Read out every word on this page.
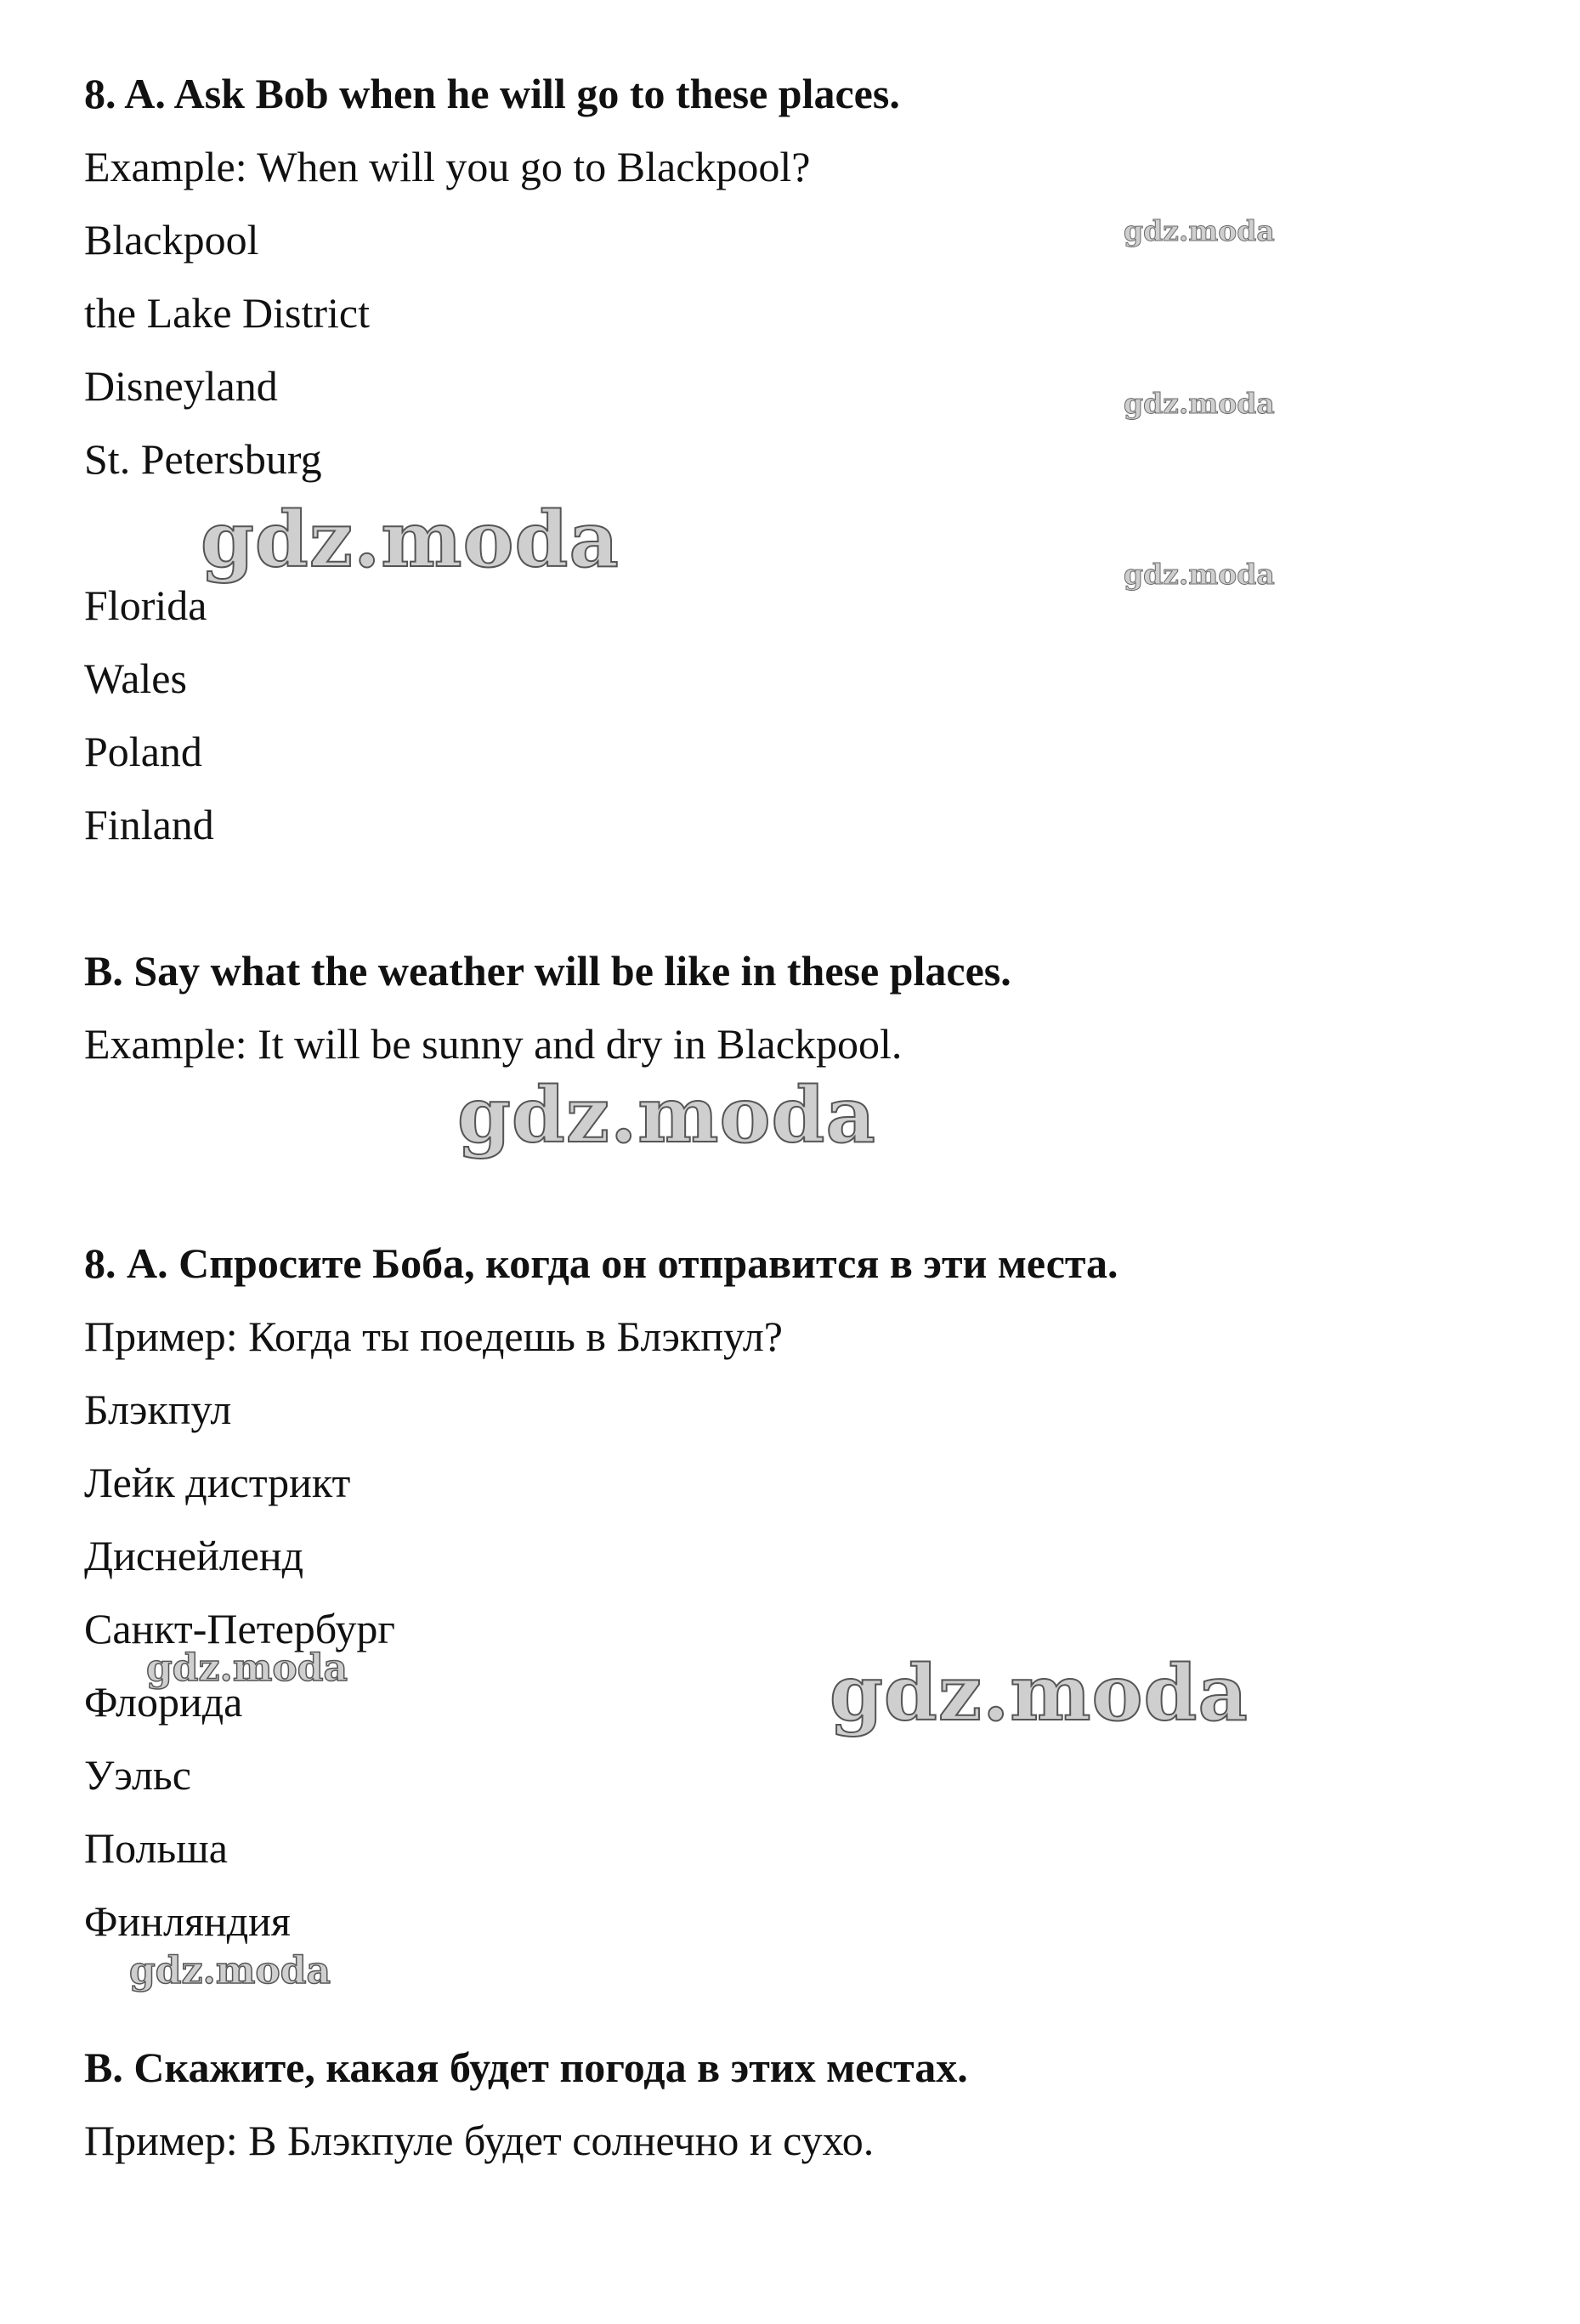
8. A. Ask Bob when he will go to these places.
Example: When will you go to Blackpool?
Blackpool
the Lake District
Disneyland
St. Petersburg
Florida
Wales
Poland
Finland
B. Say what the weather will be like in these places.
Example: It will be sunny and dry in Blackpool.
8. А. Спросите Боба, когда он отправится в эти места.
Пример: Когда ты поедешь в Блэкпул?
Блэкпул
Лейк дистрикт
Диснейленд
Санкт-Петербург
Флорида
Уэльс
Польша
Финляндия
В. Скажите, какая будет погода в этих местах.
Пример: В Блэкпуле будет солнечно и сухо.
gdz.moda
gdz.moda
gdz.moda
gdz.moda
gdz.moda
gdz.moda	gdz.moda
gdz.moda
